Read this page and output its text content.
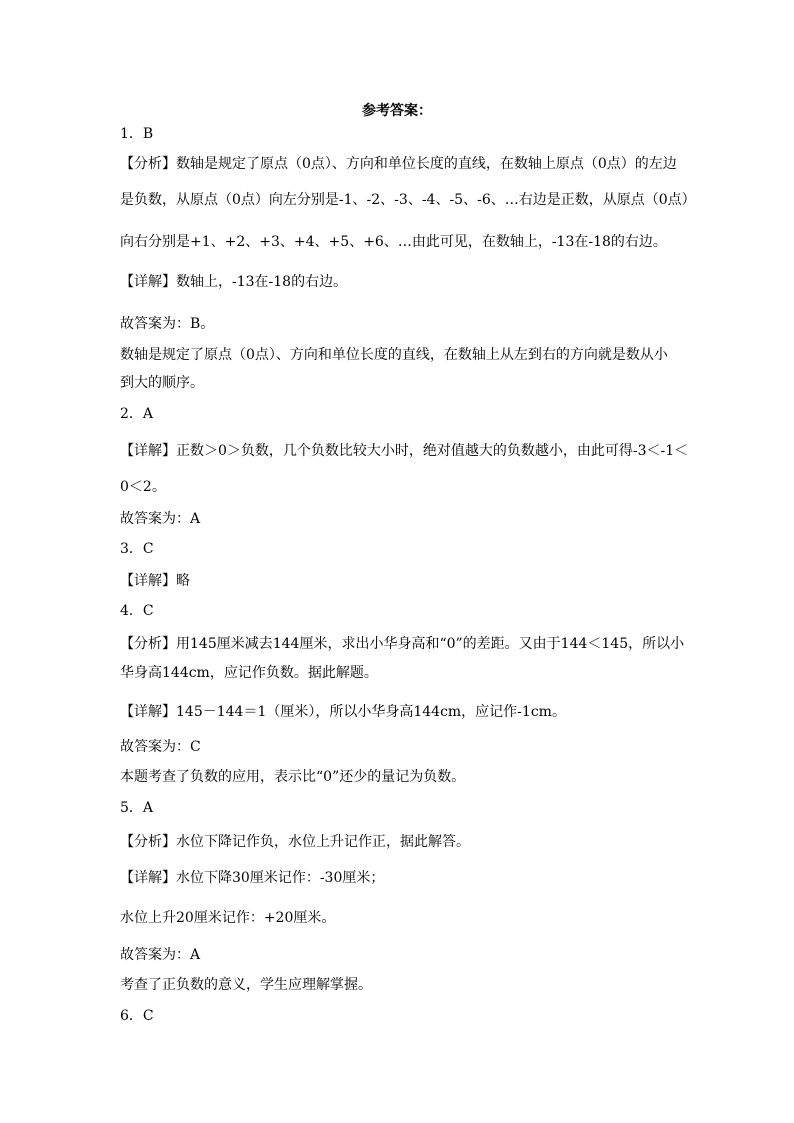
参考答案：
1．B
【分析】数轴是规定了原点（0点）、方向和单位长度的直线，在数轴上原点（0点）的左边
是负数，从原点（0点）向左分别是-1、-2、-3、-4、-5、-6、…右边是正数，从原点（0点）
向右分别是+1、+2、+3、+4、+5、+6、…由此可见，在数轴上，-13在-18的右边。
【详解】数轴上，-13在-18的右边。
故答案为：B。
数轴是规定了原点（0点）、方向和单位长度的直线，在数轴上从左到右的方向就是数从小
到大的顺序。
2．A
【详解】正数＞0＞负数，几个负数比较大小时，绝对值越大的负数越小，由此可得-3＜-1＜
0＜2。
故答案为：A
3．C
【详解】略
4．C
【分析】用145厘米减去144厘米，求出小华身高和“0”的差距。又由于144＜145，所以小
华身高144cm，应记作负数。据此解题。
【详解】145－144＝1（厘米），所以小华身高144cm，应记作-1cm。
故答案为：C
本题考查了负数的应用，表示比“0”还少的量记为负数。
5．A
【分析】水位下降记作负，水位上升记作正，据此解答。
【详解】水位下降30厘米记作：-30厘米；
水位上升20厘米记作：+20厘米。
故答案为：A
考查了正负数的意义，学生应理解掌握。
6．C
